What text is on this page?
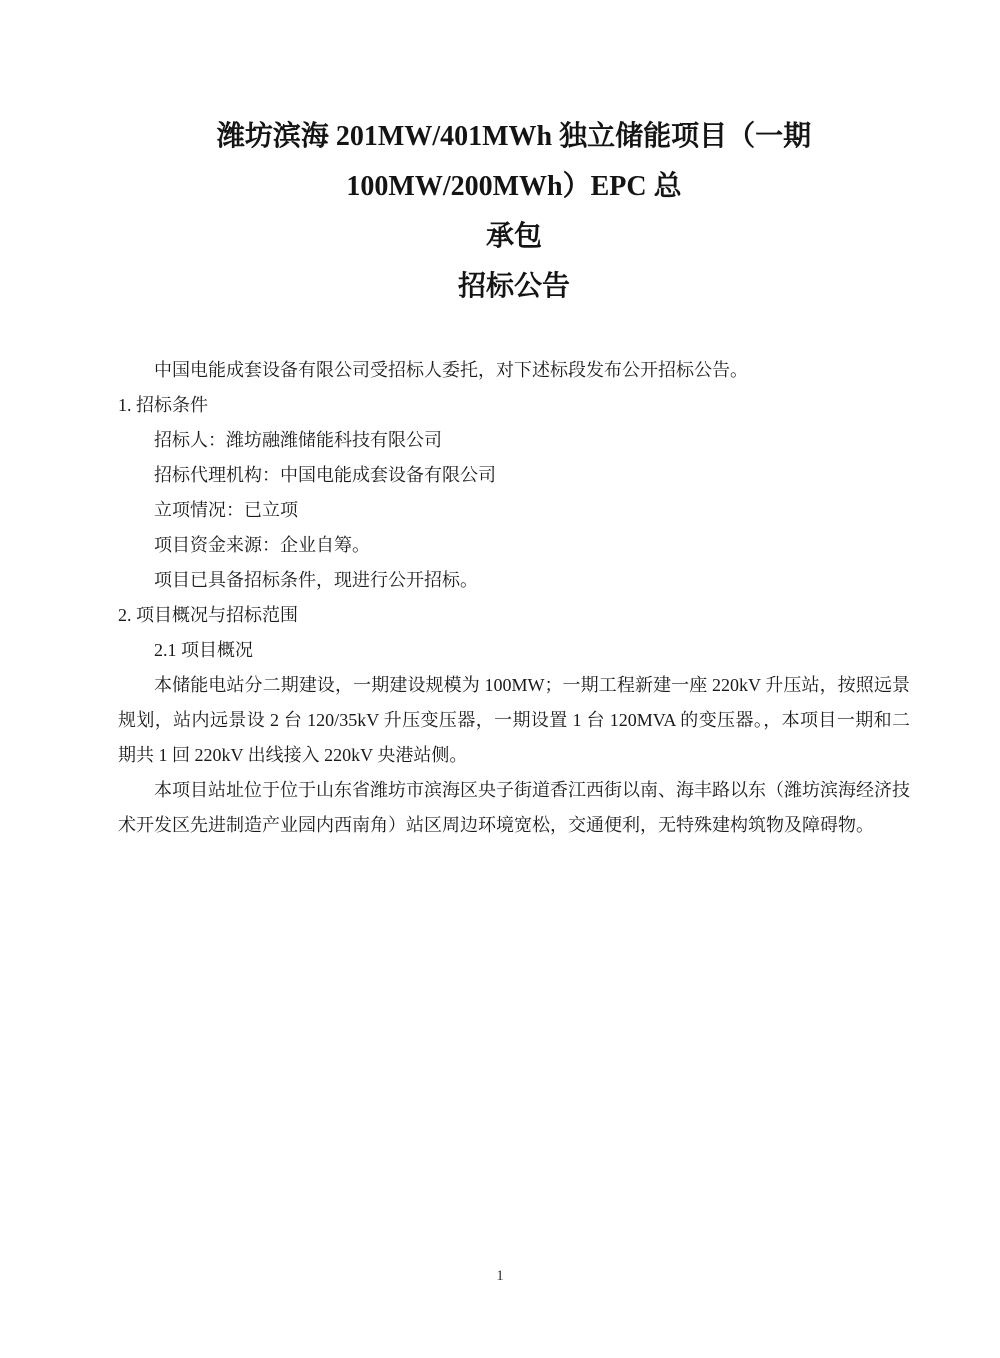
潍坊滨海 201MW/401MWh 独立储能项目（一期 100MW/200MWh）EPC 总
承包
招标公告

中国电能成套设备有限公司受招标人委托，对下述标段发布公开招标公告。

1. 招标条件

招标人：潍坊融潍储能科技有限公司

招标代理机构：中国电能成套设备有限公司

立项情况：已立项

项目资金来源：企业自筹。

项目已具备招标条件，现进行公开招标。

2. 项目概况与招标范围

2.1 项目概况

本储能电站分二期建设，一期建设规模为 100MW；一期工程新建一座 220kV 升压站，按照远景规划，站内远景设 2 台 120/35kV 升压变压器，一期设置 1 台 120MVA 的变压器。，本项目一期和二期共 1 回 220kV 出线接入 220kV 央港站侧。

本项目站址位于位于山东省潍坊市滨海区央子街道香江西街以南、海丰路以东（潍坊滨海经济技术开发区先进制造产业园内西南角）站区周边环境宽松，交通便利，无特殊建构筑物及障碍物。

1
